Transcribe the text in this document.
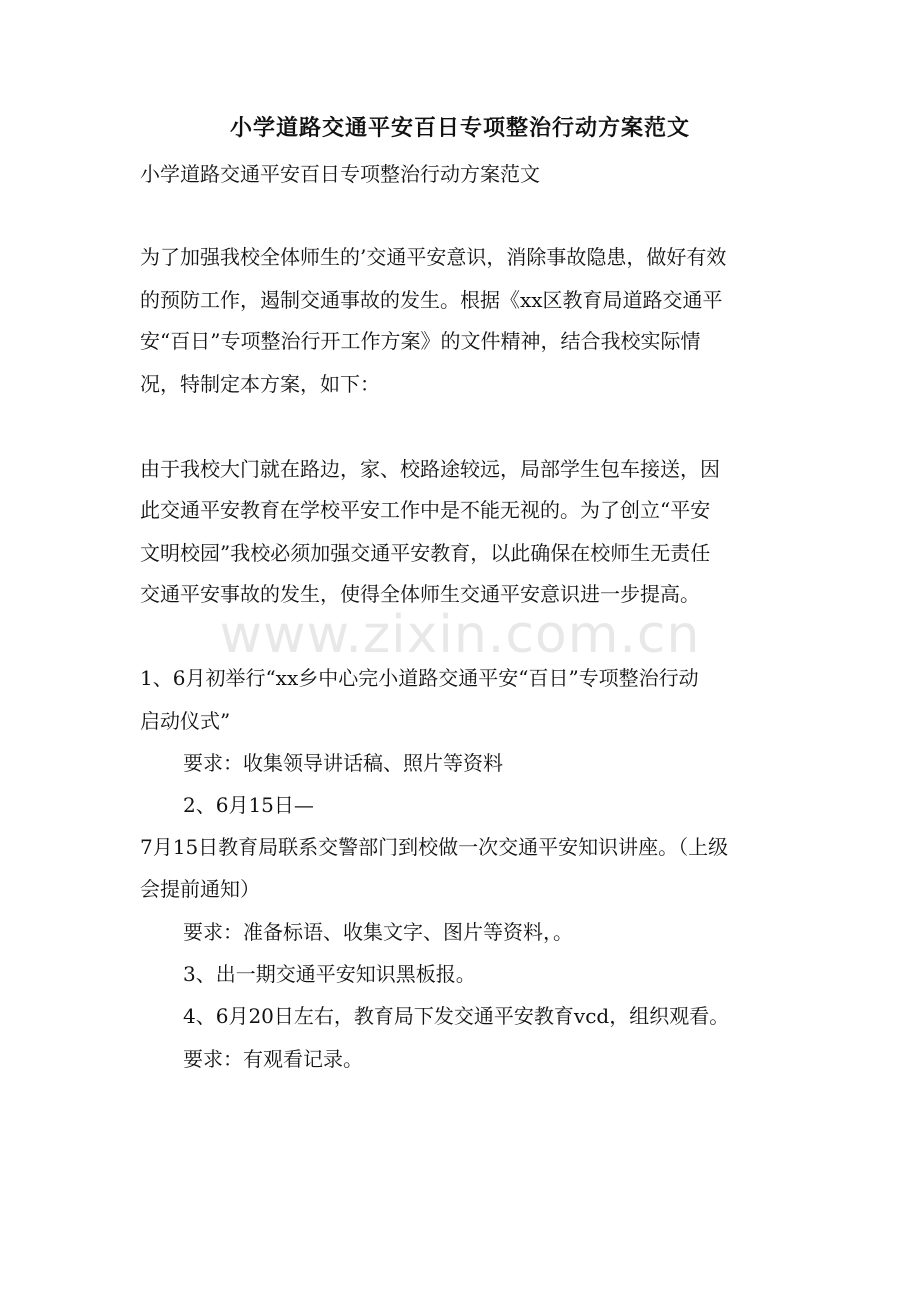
小学道路交通平安百日专项整治行动方案范文
小学道路交通平安百日专项整治行动方案范文
为了加强我校全体师生的’交通平安意识，消除事故隐患，做好有效
的预防工作，遏制交通事故的发生。根据《xx区教育局道路交通平
安“百日”专项整治行开工作方案》的文件精神，结合我校实际情
况，特制定本方案，如下：
由于我校大门就在路边，家、校路途较远，局部学生包车接送，因
此交通平安教育在学校平安工作中是不能无视的。为了创立“平安
文明校园”我校必须加强交通平安教育，以此确保在校师生无责任
交通平安事故的发生，使得全体师生交通平安意识进一步提高。
www.zixin.com.cn
1、6月初举行“xx乡中心完小道路交通平安“百日”专项整治行动
启动仪式”
要求：收集领导讲话稿、照片等资料
2、6月15日—
7月15日教育局联系交警部门到校做一次交通平安知识讲座。（上级
会提前通知）
要求：准备标语、收集文字、图片等资料，。
3、出一期交通平安知识黑板报。
4、6月20日左右，教育局下发交通平安教育vcd，组织观看。
要求：有观看记录。
